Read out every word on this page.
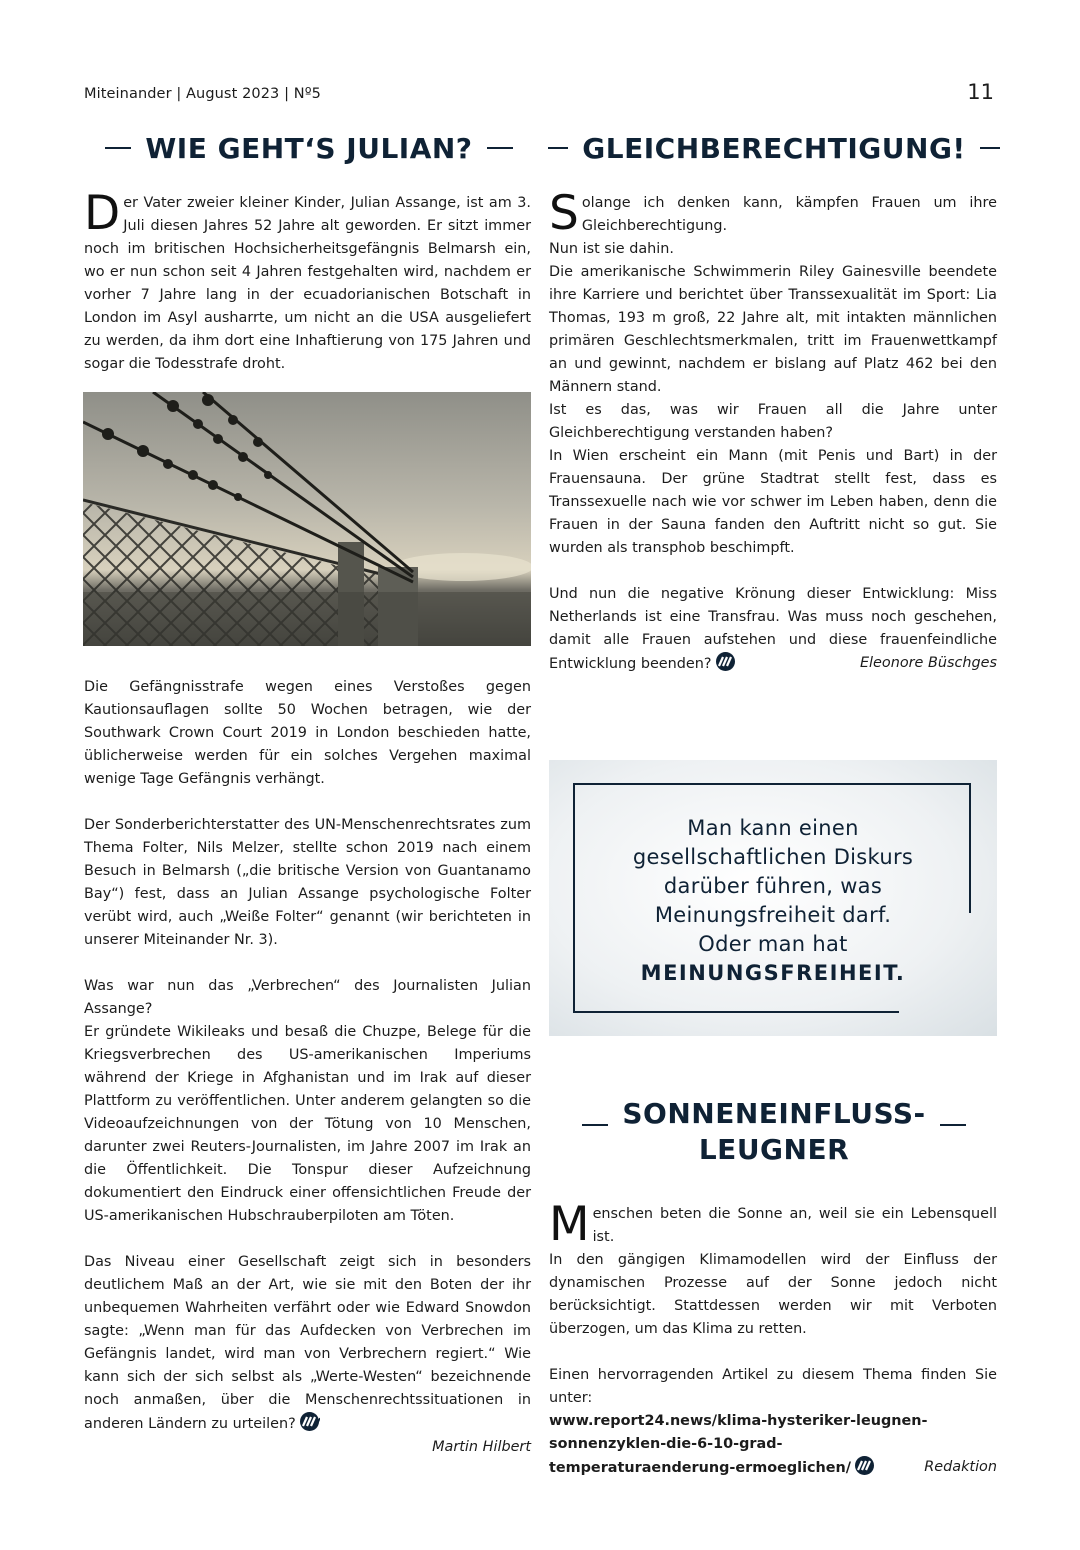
Miteinander | August 2023 | Nº5	11
WIE GEHT‘S JULIAN?	GLEICHBERECHTIGUNG!

Der Vater zweier kleiner Kinder, Julian Assange, ist am 3. Juli diesen Jahres 52 Jahre alt geworden. Er sitzt immer noch im britischen Hochsicherheitsgefängnis Belmarsh ein, wo er nun schon seit 4 Jahren festgehalten wird, nachdem er vorher 7 Jahre lang in der ecuadorianischen Botschaft in London im Asyl ausharrte, um nicht an die USA ausgeliefert zu werden, da ihm dort eine Inhaftierung von 175 Jahren und sogar die Todesstrafe droht.

Die Gefängnisstrafe wegen eines Verstoßes gegen Kautionsauflagen sollte 50 Wochen betragen, wie der Southwark Crown Court 2019 in London beschieden hatte, üblicherweise werden für ein solches Vergehen maximal wenige Tage Gefängnis verhängt.

Der Sonderberichterstatter des UN-Menschenrechtsrates zum Thema Folter, Nils Melzer, stellte schon 2019 nach einem Besuch in Belmarsh („die britische Version von Guantanamo Bay“) fest, dass an Julian Assange psychologische Folter verübt wird, auch „Weiße Folter“ genannt (wir berichteten in unserer Miteinander Nr. 3).

Was war nun das „Verbrechen“ des Journalisten Julian Assange?

Er gründete Wikileaks und besaß die Chuzpe, Belege für die Kriegsverbrechen des US-amerikanischen Imperiums während der Kriege in Afghanistan und im Irak auf dieser Plattform zu veröffentlichen. Unter anderem gelangten so die Videoaufzeichnungen von der Tötung von 10 Menschen, darunter zwei Reuters-Journalisten, im Jahre 2007 im Irak an die Öffentlichkeit. Die Tonspur dieser Aufzeichnung dokumentiert den Eindruck einer offensichtlichen Freude der US-amerikanischen Hubschrauberpiloten am Töten.

Das Niveau einer Gesellschaft zeigt sich in besonders deutlichem Maß an der Art, wie sie mit den Boten der ihr unbequemen Wahrheiten verfährt oder wie Edward Snowdon sagte: „Wenn man für das Aufdecken von Verbrechen im Gefängnis landet, wird man von Verbrechern regiert.“ Wie kann sich der sich selbst als „Werte-Westen“ bezeichnende noch anmaßen, über die Menschenrechtssituationen in anderen Ländern zu urteilen?

Martin Hilbert

Solange ich denken kann, kämpfen Frauen um ihre Gleichberechtigung.

Nun ist sie dahin.

Die amerikanische Schwimmerin Riley Gainesville beendete ihre Karriere und berichtet über Transsexualität im Sport: Lia Thomas, 193 m groß, 22 Jahre alt, mit intakten männlichen primären Geschlechtsmerkmalen, tritt im Frauenwettkampf an und gewinnt, nachdem er bislang auf Platz 462 bei den Männern stand.

Ist es das, was wir Frauen all die Jahre unter Gleichberechtigung verstanden haben?

In Wien erscheint ein Mann (mit Penis und Bart) in der Frauensauna. Der grüne Stadtrat stellt fest, dass es Transsexuelle nach wie vor schwer im Leben haben, denn die Frauen in der Sauna fanden den Auftritt nicht so gut. Sie wurden als transphob beschimpft.

Und nun die negative Krönung dieser Entwicklung: Miss Netherlands ist eine Transfrau. Was muss noch geschehen, damit alle Frauen aufstehen und diese frauenfeindliche Entwicklung beenden?	Eleonore Büschges

Man kann einen
gesellschaftlichen Diskurs
darüber führen, was
Meinungsfreiheit darf.
Oder man hat
MEINUNGSFREIHEIT.
SONNENEINFLUSS-
LEUGNER

Menschen beten die Sonne an, weil sie ein Lebensquell ist.

In den gängigen Klimamodellen wird der Einfluss der dynamischen Prozesse auf der Sonne jedoch nicht berücksichtigt. Stattdessen werden wir mit Verboten überzogen, um das Klima zu retten.

Einen hervorragenden Artikel zu diesem Thema finden Sie unter:

www.report24.news/klima-hysteriker-leugnen-

sonnenzyklen-die-6-10-grad-

temperaturaenderung-ermoeglichen/	Redaktion
